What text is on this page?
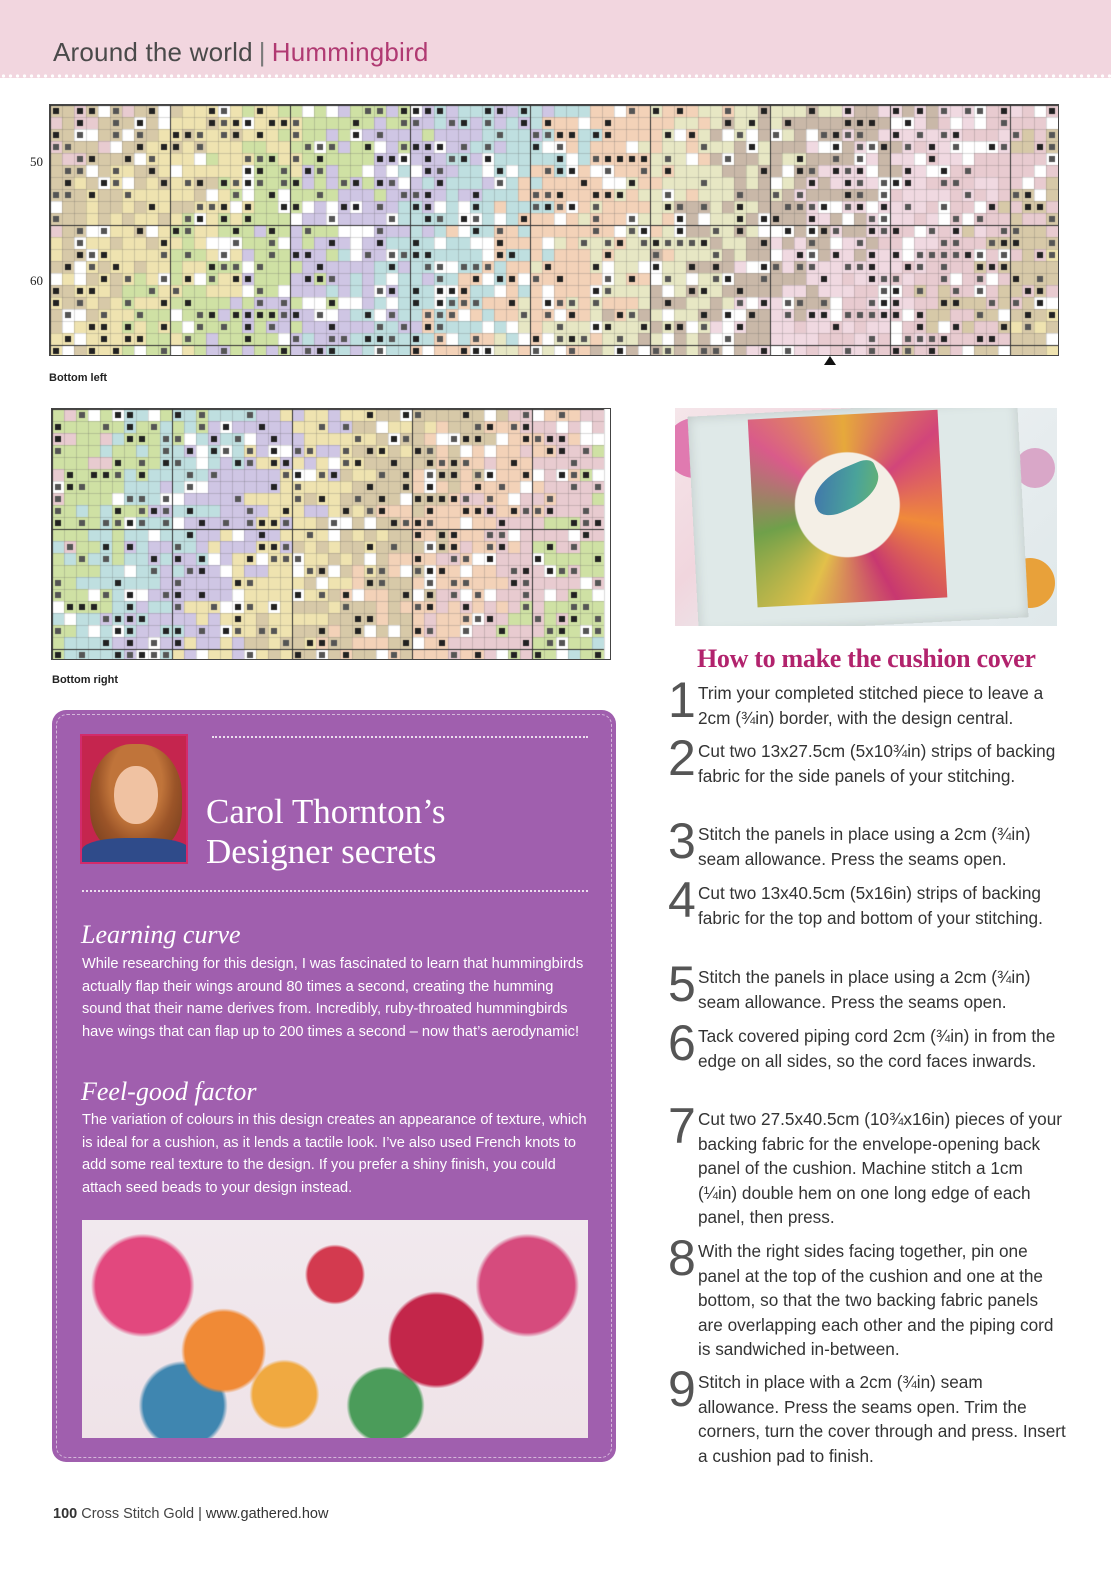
Around the world | Hummingbird
50
60
Bottom left
Bottom right
How to make the cushion cover
1 Trim your completed stitched piece to leave a 2cm (¾in) border, with the design central.
2 Cut two 13x27.5cm (5x10¾in) strips of backing fabric for the side panels of your stitching.
3 Stitch the panels in place using a 2cm (¾in) seam allowance. Press the seams open.
4 Cut two 13x40.5cm (5x16in) strips of backing fabric for the top and bottom of your stitching.
5 Stitch the panels in place using a 2cm (¾in) seam allowance. Press the seams open.
6 Tack covered piping cord 2cm (¾in) in from the edge on all sides, so the cord faces inwards.
7 Cut two 27.5x40.5cm (10¾x16in) pieces of your backing fabric for the envelope-opening back panel of the cushion. Machine stitch a 1cm (¼in) double hem on one long edge of each panel, then press.
8 With the right sides facing together, pin one panel at the top of the cushion and one at the bottom, so that the two backing fabric panels are overlapping each other and the piping cord is sandwiched in-between.
9 Stitch in place with a 2cm (¾in) seam allowance. Press the seams open. Trim the corners, turn the cover through and press. Insert a cushion pad to finish.
Carol Thornton’s
Designer secrets
Learning curve
While researching for this design, I was fascinated to learn that hummingbirds actually flap their wings around 80 times a second, creating the humming sound that their name derives from. Incredibly, ruby-throated hummingbirds have wings that can flap up to 200 times a second – now that’s aerodynamic!
Feel-good factor
The variation of colours in this design creates an appearance of texture, which is ideal for a cushion, as it lends a tactile look. I’ve also used French knots to add some real texture to the design. If you prefer a shiny finish, you could attach seed beads to your design instead.
100 Cross Stitch Gold | www.gathered.how
